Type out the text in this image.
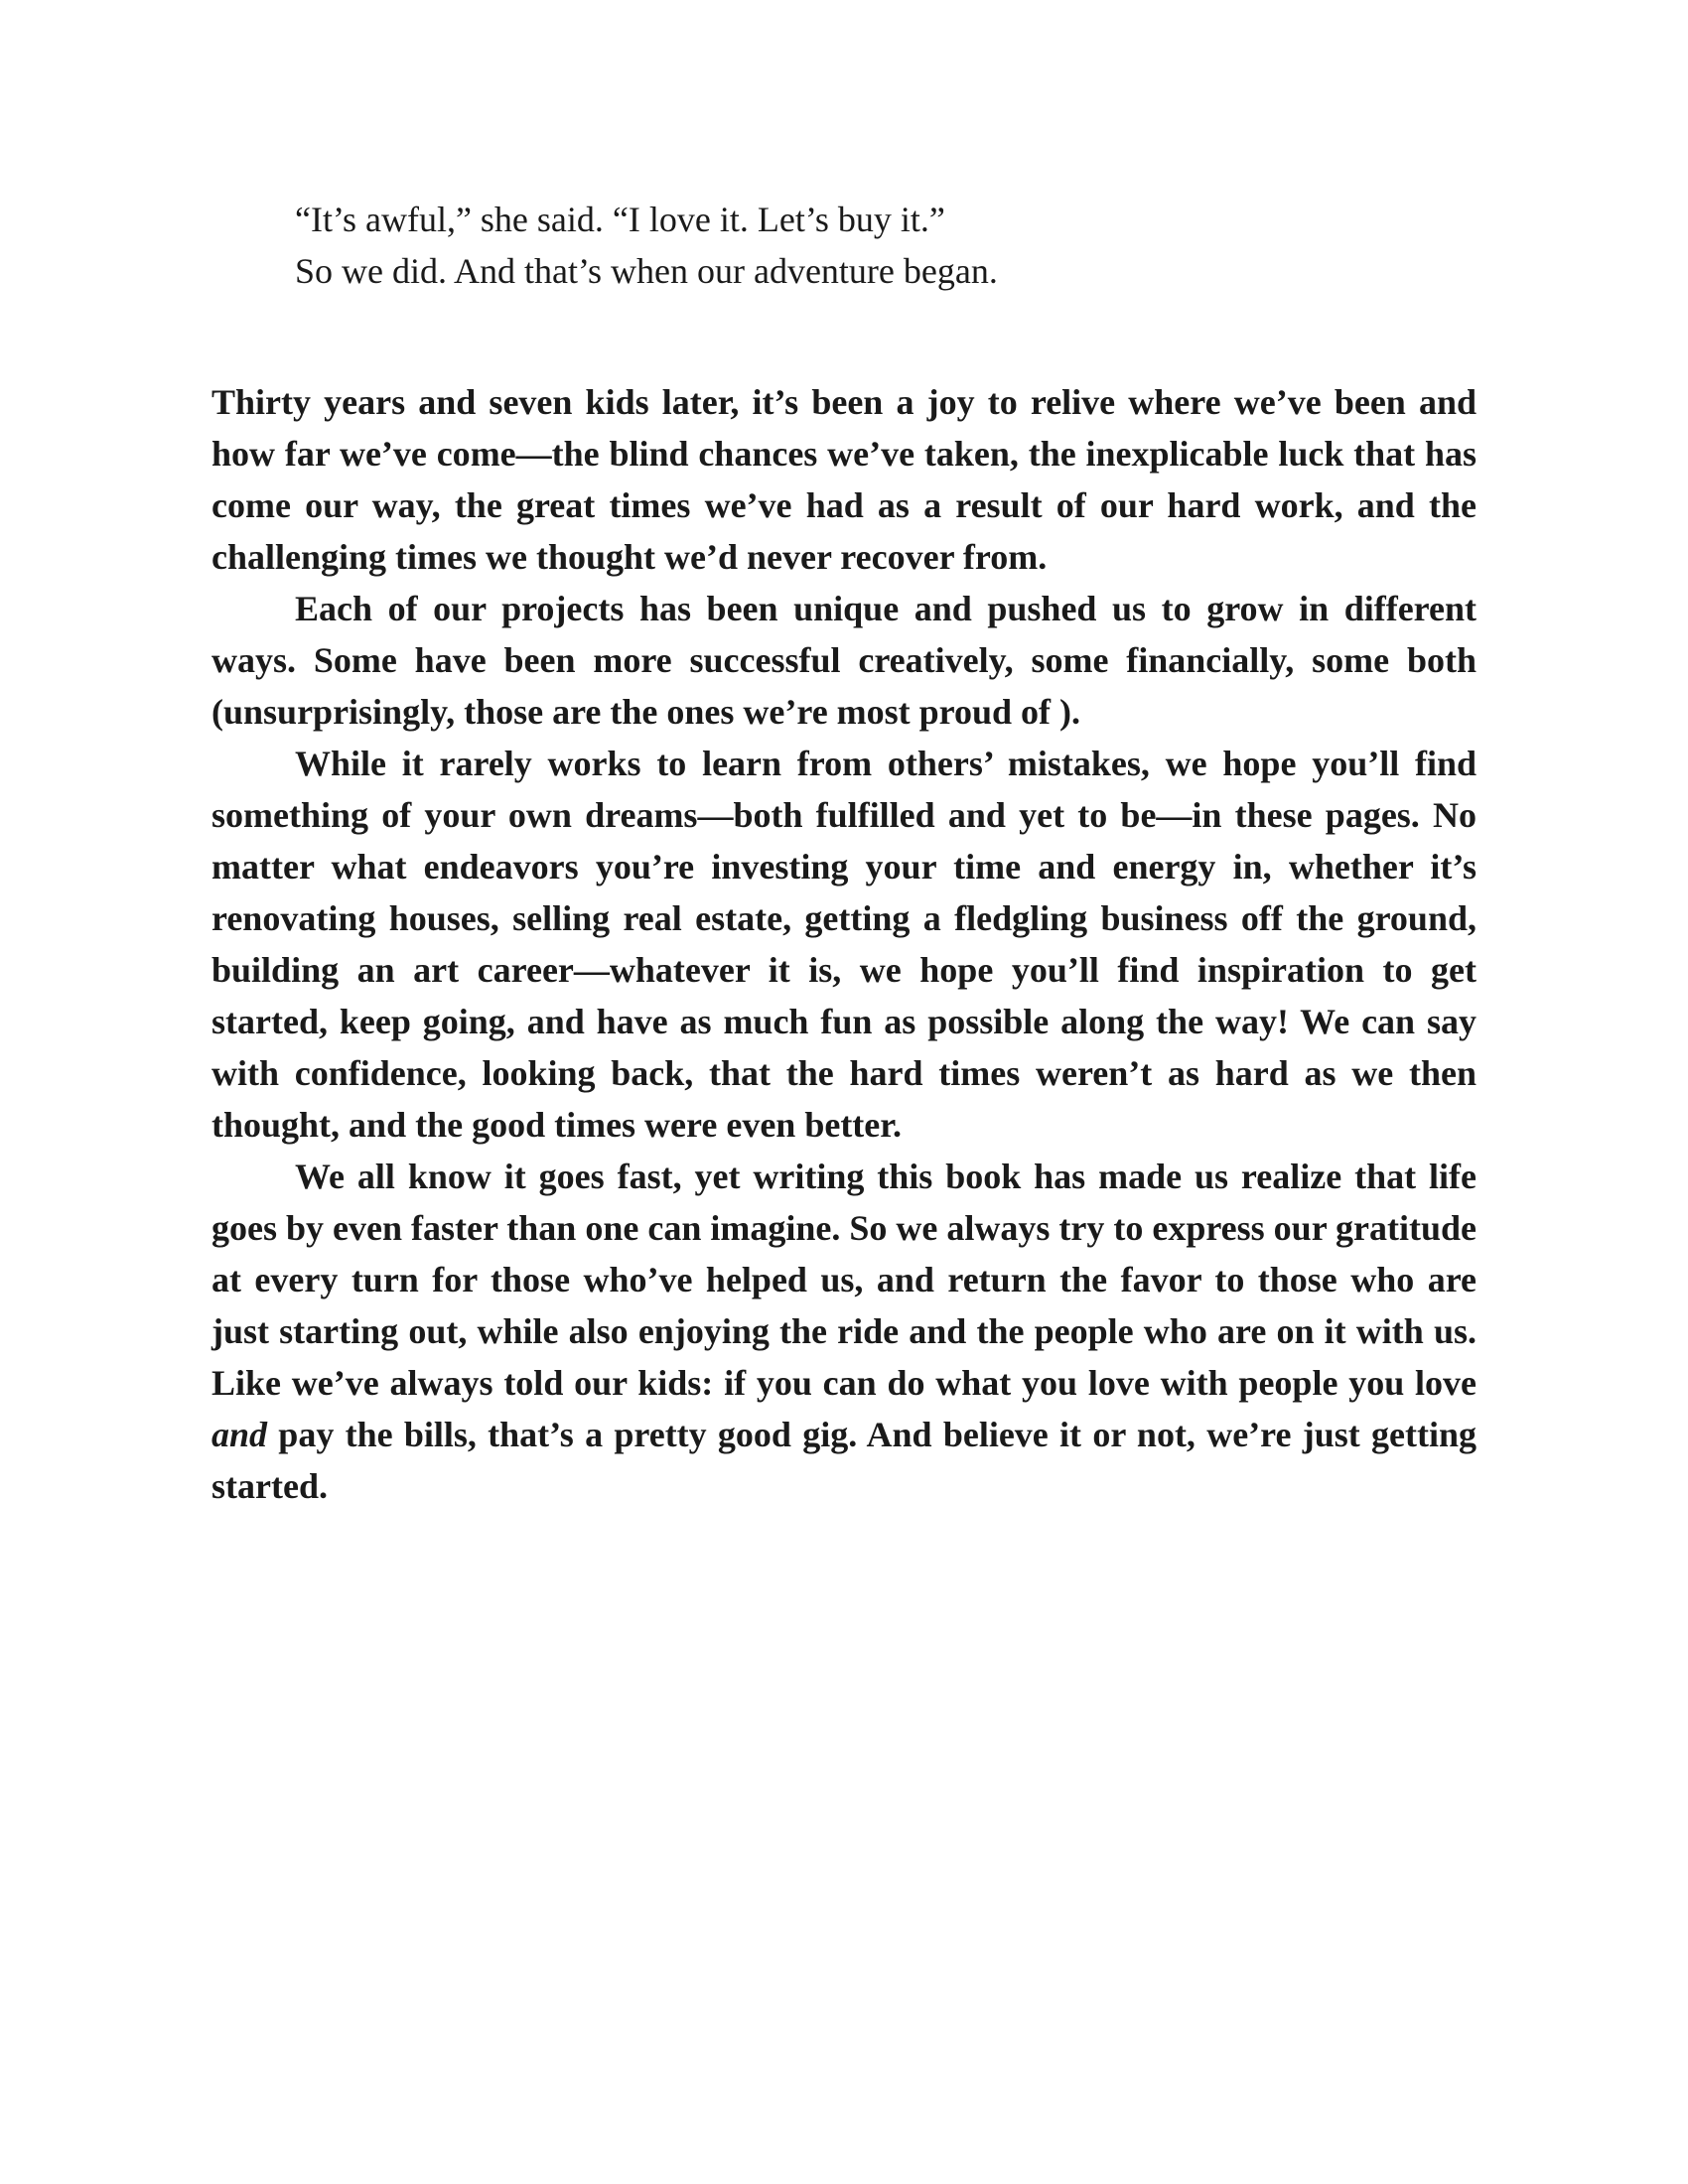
“It’s awful,” she said. “I love it. Let’s buy it.”

So we did. And that’s when our adventure began.

Thirty years and seven kids later, it’s been a joy to relive where we’ve been and how far we’ve come—the blind chances we’ve taken, the inexplicable luck that has come our way, the great times we’ve had as a result of our hard work, and the challenging times we thought we’d never recover from.

Each of our projects has been unique and pushed us to grow in different ways. Some have been more successful creatively, some financially, some both (unsurprisingly, those are the ones we’re most proud of ).

While it rarely works to learn from others’ mistakes, we hope you’ll find something of your own dreams—both fulfilled and yet to be—in these pages. No matter what endeavors you’re investing your time and energy in, whether it’s renovating houses, selling real estate, getting a fledgling business off the ground, building an art career—whatever it is, we hope you’ll find inspiration to get started, keep going, and have as much fun as possible along the way! We can say with confidence, looking back, that the hard times weren’t as hard as we then thought, and the good times were even better.

We all know it goes fast, yet writing this book has made us realize that life goes by even faster than one can imagine. So we always try to express our gratitude at every turn for those who’ve helped us, and return the favor to those who are just starting out, while also enjoying the ride and the people who are on it with us. Like we’ve always told our kids: if you can do what you love with people you love and pay the bills, that’s a pretty good gig. And believe it or not, we’re just getting started.
